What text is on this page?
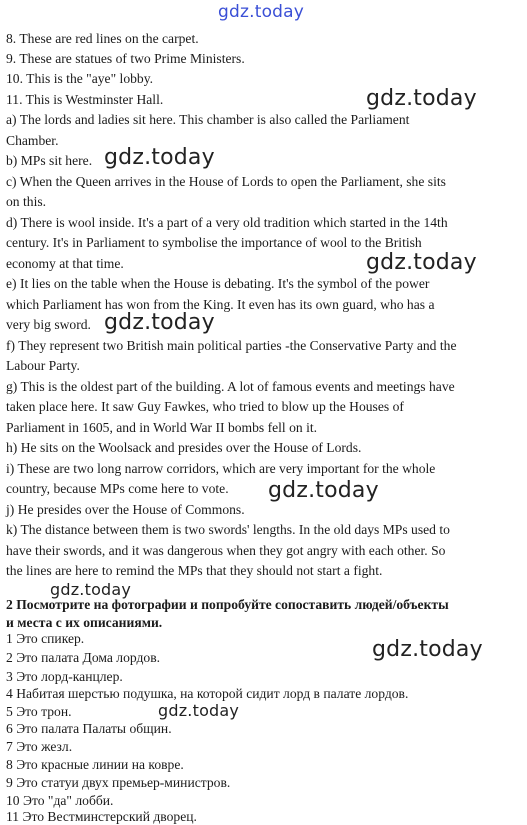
gdz.today
gdz.today
gdz.today
gdz.today
gdz.today
gdz.today
gdz.today
gdz.today
gdz.today
8. These are red lines on the carpet.
9. These are statues of two Prime Ministers.
10. This is the "aye" lobby.
11. This is Westminster Hall.
a) The lords and ladies sit here. This chamber is also called the Parliament
Chamber.
b) MPs sit here.
c) When the Queen arrives in the House of Lords to open the Parliament, she sits
on this.
d) There is wool inside. It's a part of a very old tradition which started in the 14th
century. It's in Parliament to symbolise the importance of wool to the British
economy at that time.
e) It lies on the table when the House is debating. It's the symbol of the power
which Parliament has won from the King. It even has its own guard, who has a
very big sword.
f) They represent two British main political parties -the Conservative Party and the
Labour Party.
g) This is the oldest part of the building. A lot of famous events and meetings have
taken place here. It saw Guy Fawkes, who tried to blow up the Houses of
Parliament in 1605, and in World War II bombs fell on it.
h) He sits on the Woolsack and presides over the House of Lords.
i) These are two long narrow corridors, which are very important for the whole
country, because MPs come here to vote.
j) He presides over the House of Commons.
k) The distance between them is two swords' lengths. In the old days MPs used to
have their swords, and it was dangerous when they got angry with each other. So
the lines are here to remind the MPs that they should not start a fight.
2 Посмотрите на фотографии и попробуйте сопоставить людей/объекты
и места с их описаниями.
1 Это спикер.
2 Это палата Дома лордов.
3 Это лорд-канцлер.
4 Набитая шерстью подушка, на которой сидит лорд в палате лордов.
5 Это трон.
6 Это палата Палаты общин.
7 Это жезл.
8 Это красные линии на ковре.
9 Это статуи двух премьер-министров.
10 Это "да" лобби.
11 Это Вестминстерский дворец.
